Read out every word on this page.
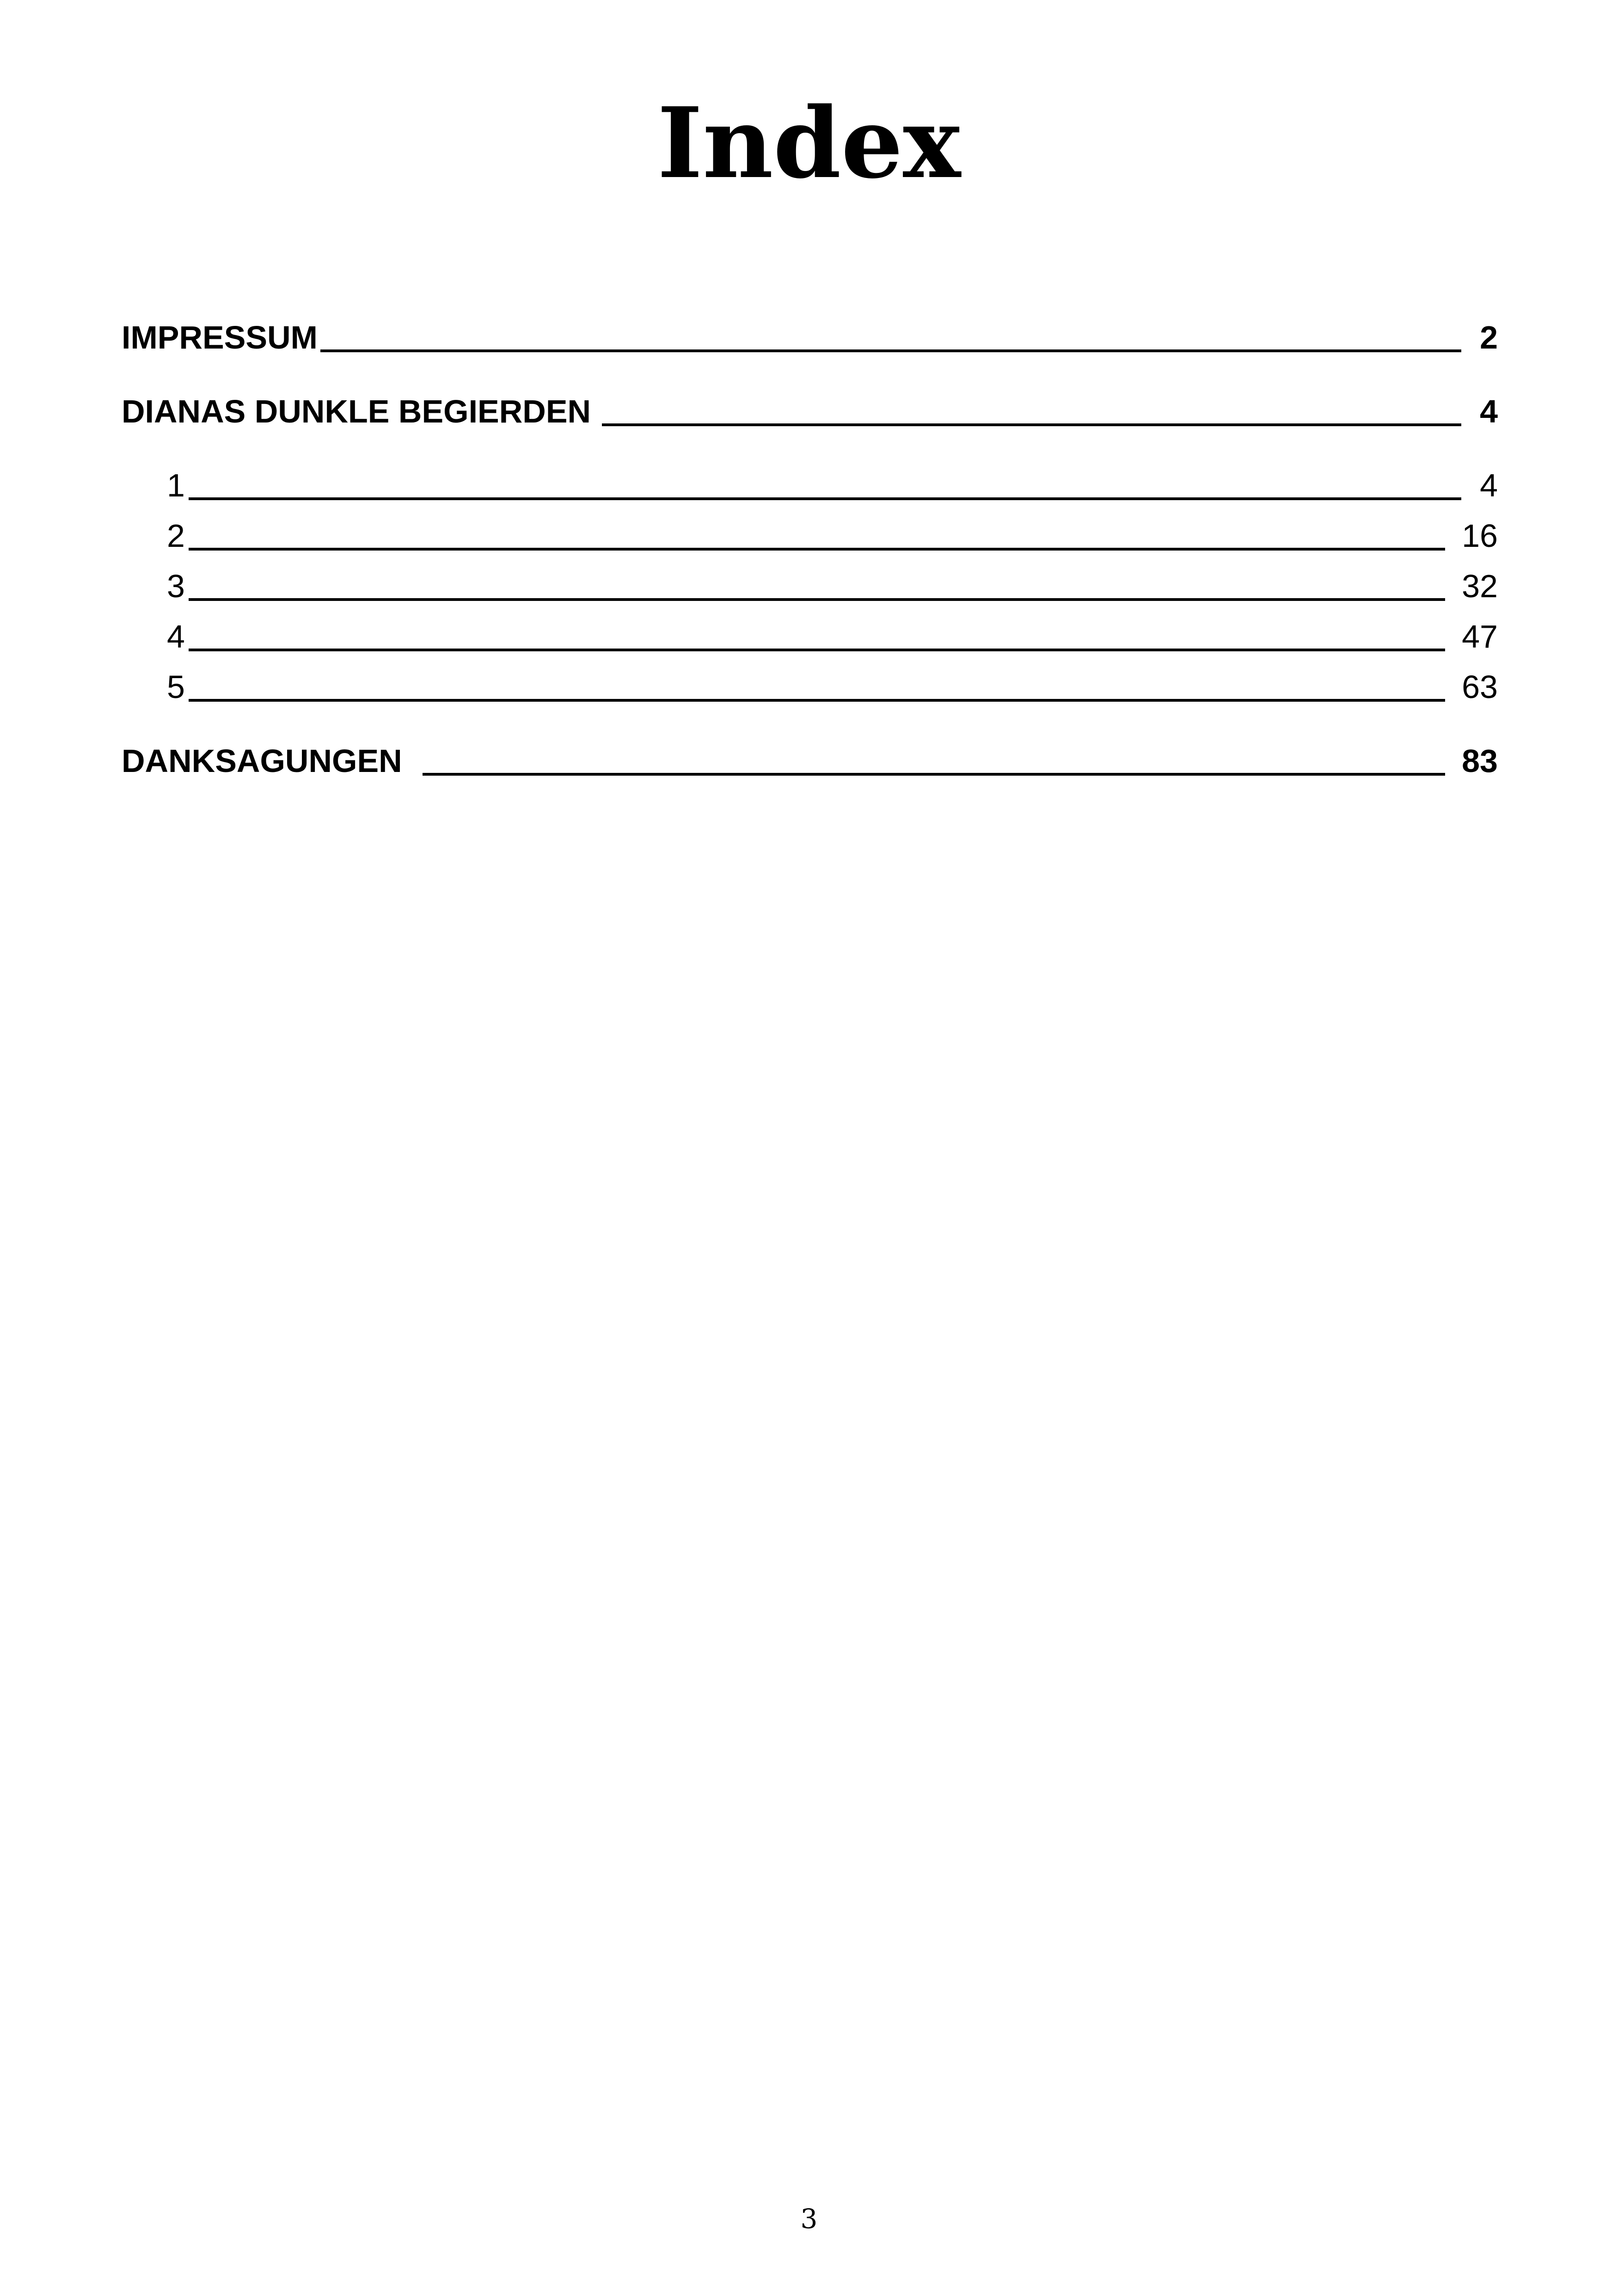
Index
IMPRESSUM	2
DIANAS DUNKLE BEGIERDEN	4
1	4
2	16
3	32
4	47
5	63
DANKSAGUNGEN	83
3
